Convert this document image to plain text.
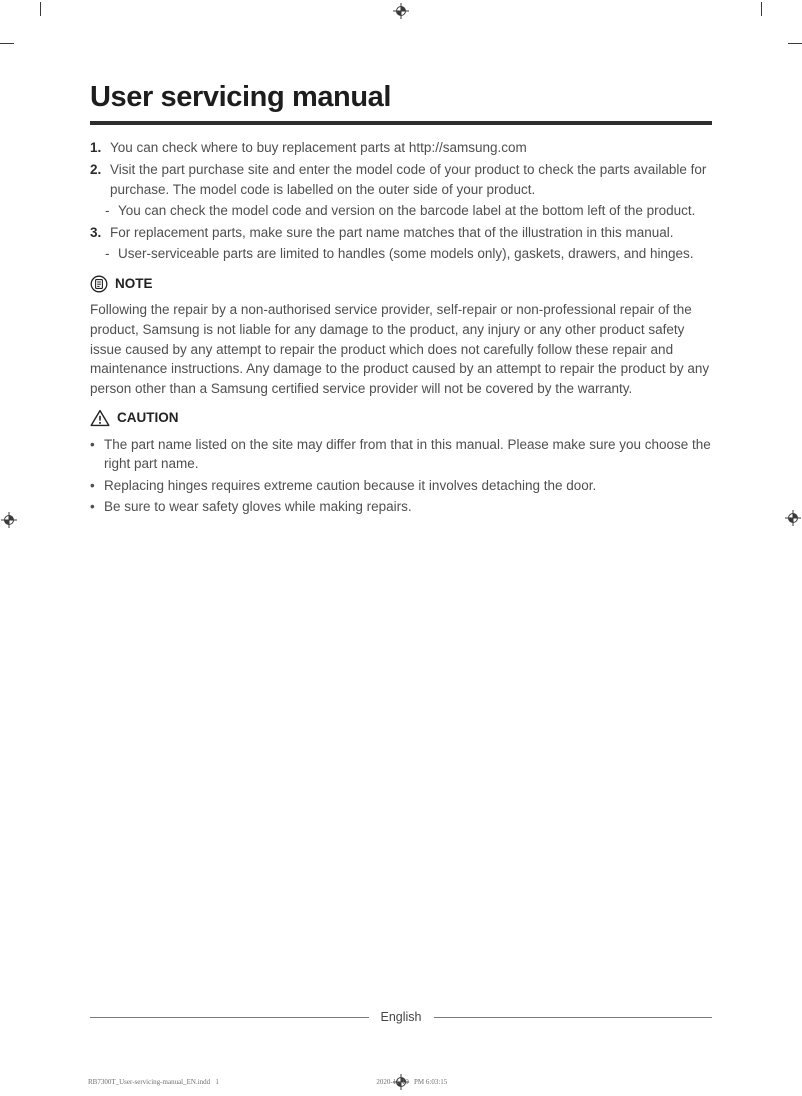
User servicing manual
1. You can check where to buy replacement parts at http://samsung.com
2. Visit the part purchase site and enter the model code of your product to check the parts available for purchase. The model code is labelled on the outer side of your product.
- You can check the model code and version on the barcode label at the bottom left of the product.
3. For replacement parts, make sure the part name matches that of the illustration in this manual.
- User-serviceable parts are limited to handles (some models only), gaskets, drawers, and hinges.
NOTE

Following the repair by a non-authorised service provider, self-repair or non-professional repair of the product, Samsung is not liable for any damage to the product, any injury or any other product safety issue caused by any attempt to repair the product which does not carefully follow these repair and maintenance instructions. Any damage to the product caused by an attempt to repair the product by any person other than a Samsung certified service provider will not be covered by the warranty.

CAUTION
• The part name listed on the site may differ from that in this manual. Please make sure you choose the right part name.
• Replacing hinges requires extreme caution because it involves detaching the door.
• Be sure to wear safety gloves while making repairs.
English
RB7300T_User-servicing-manual_EN.indd   1                                                                                          2020-11-19   PM 6:03:15
